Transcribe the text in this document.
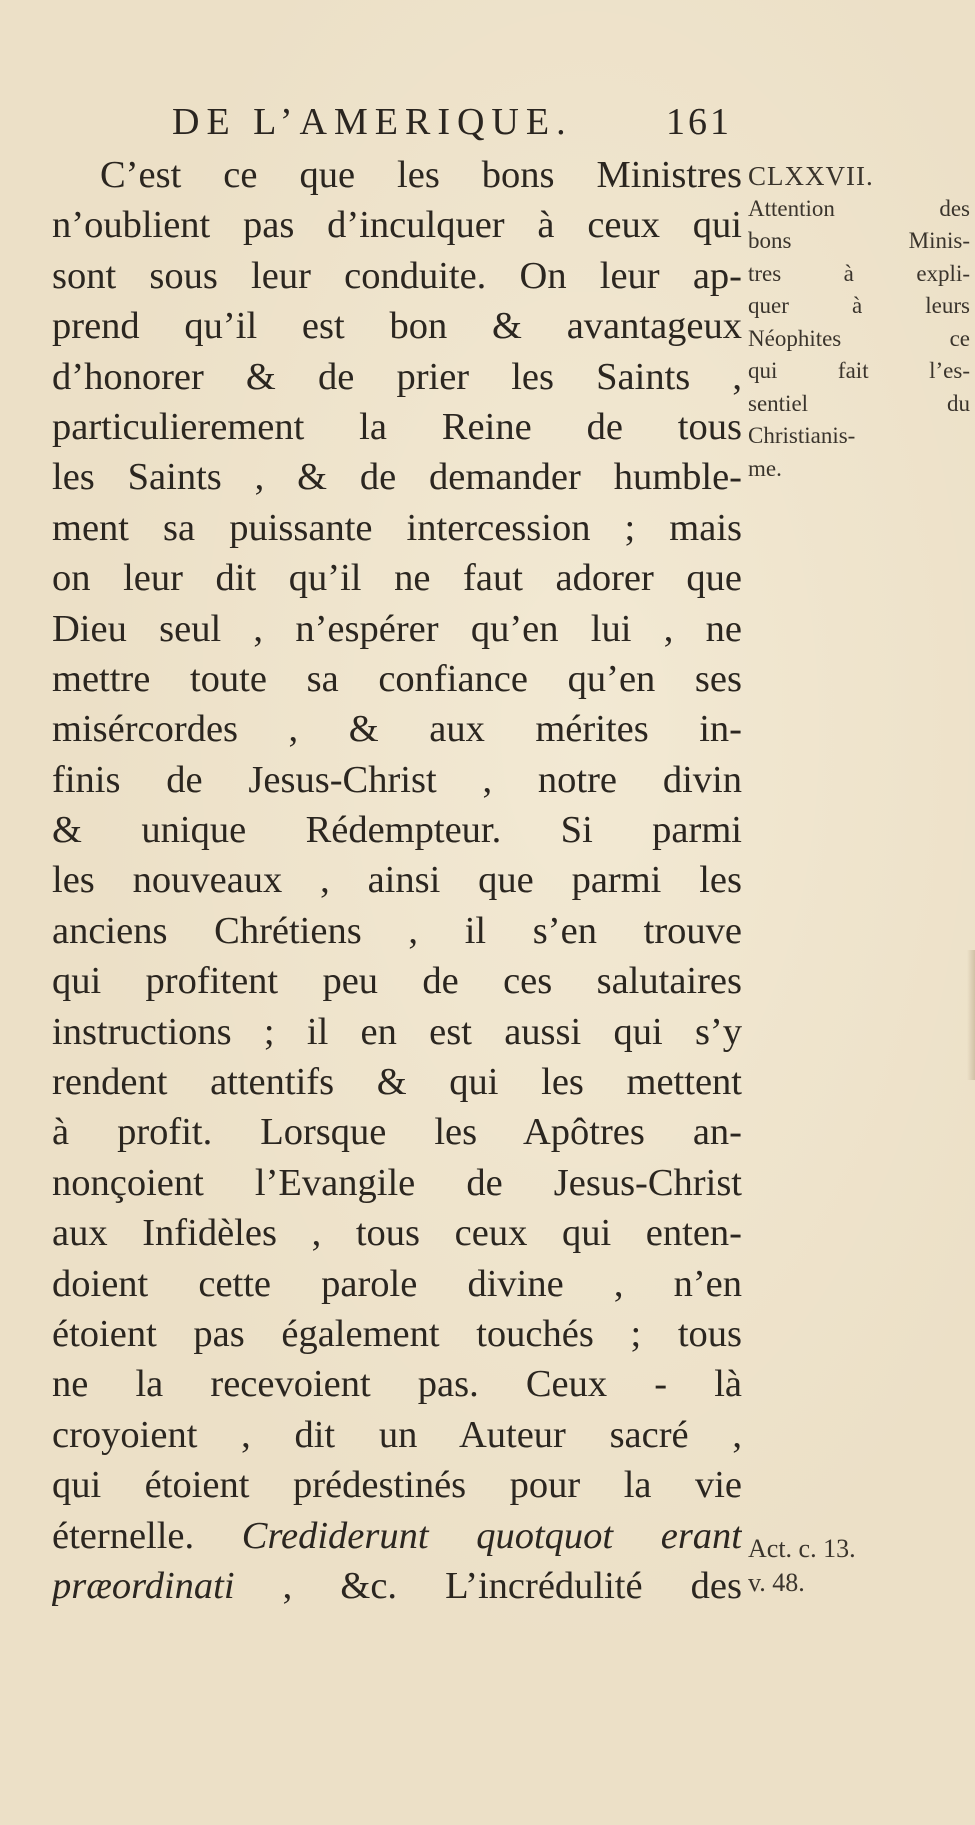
DE L’AMERIQUE. 161
C’est ce que les bons Ministres
n’oublient pas d’inculquer à ceux qui
sont sous leur conduite. On leur ap-
prend qu’il est bon & avantageux
d’honorer & de prier les Saints ,
particulierement la Reine de tous
les Saints , & de demander humble-
ment sa puissante intercession ; mais
on leur dit qu’il ne faut adorer que
Dieu seul , n’espérer qu’en lui , ne
mettre toute sa confiance qu’en ses
misércordes , & aux mérites in-
finis de Jesus-Christ , notre divin
& unique Rédempteur. Si parmi
les nouveaux , ainsi que parmi les
anciens Chrétiens , il s’en trouve
qui profitent peu de ces salutaires
instructions ; il en est aussi qui s’y
rendent attentifs & qui les mettent
à profit. Lorsque les Apôtres an-
nonçoient l’Evangile de Jesus-Christ
aux Infidèles , tous ceux qui enten-
doient cette parole divine , n’en
étoient pas également touchés ; tous
ne la recevoient pas. Ceux - là
croyoient , dit un Auteur sacré ,
qui étoient prédestinés pour la vie
éternelle. Crediderunt quotquot erant
præordinati , &c. L’incrédulité des
CLXXVII.
Attention des
bons Minis-
tres à expli-
quer à leurs
Néophites ce
qui fait l’es-
sentiel du
Christianis-
me.
Act. c. 13.
v. 48.
